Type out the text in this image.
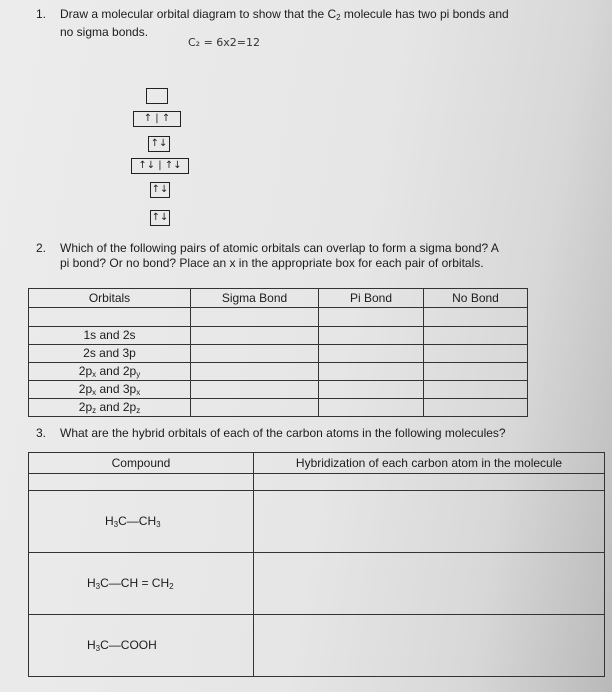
1. Draw a molecular orbital diagram to show that the $C_2$ molecule has two pi bonds and
no sigma bonds.
C₂ = 6x2=12
↑ | ↑
↑↓
↑↓ | ↑↓
↑↓
↑↓
2. Which of the following pairs of atomic orbitals can overlap to form a sigma bond? A
pi bond? Or no bond? Place an x in the appropriate box for each pair of orbitals.
Orbitals	Sigma Bond	Pi Bond	No Bond

1s and 2s			
2s and 3p			
$2p_x$ and $2p_y$			
$2p_x$ and $3p_x$			
$2p_z$ and $2p_z$			
3. What are the hybrid orbitals of each of the carbon atoms in the following molecules?
Compound	Hybridization of each carbon atom in the molecule

$H_3C—CH_3$	
$H_3C—CH = CH_2$	
$H_3C—COOH$	
